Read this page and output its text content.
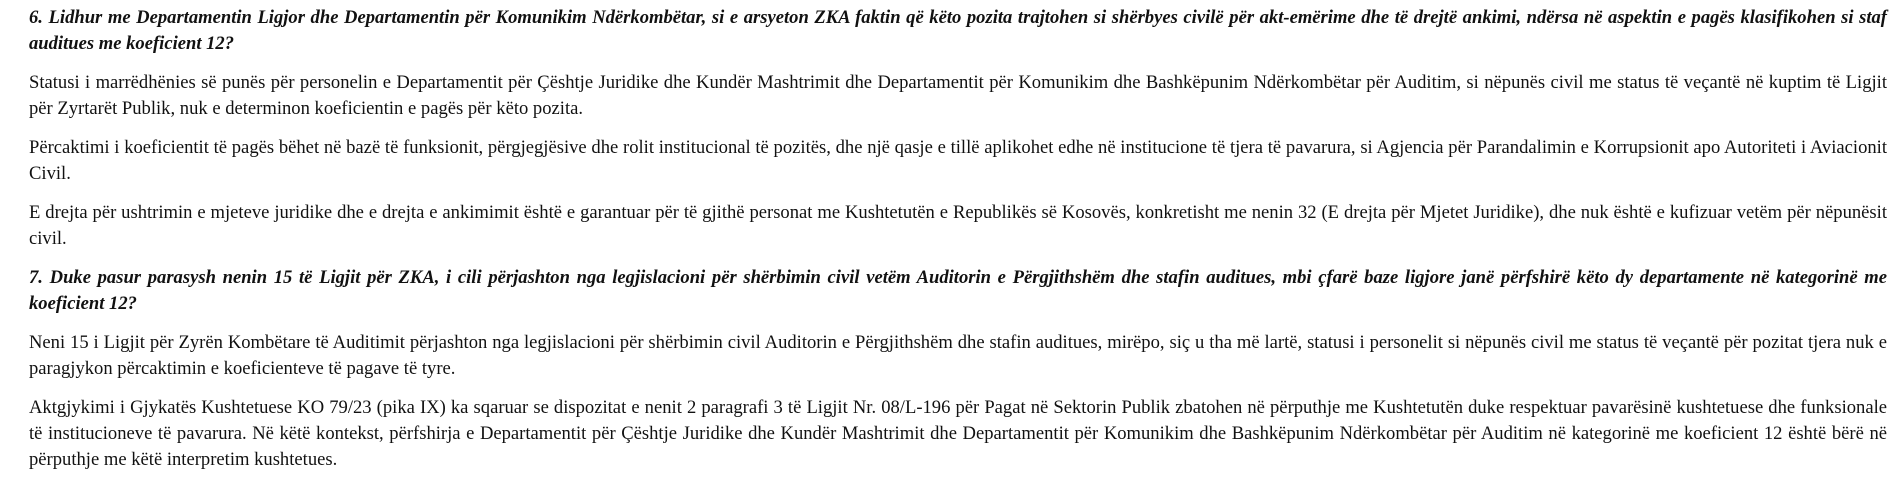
6. Lidhur me Departamentin Ligjor dhe Departamentin për Komunikim Ndërkombëtar, si e arsyeton ZKA faktin që këto pozita trajtohen si shërbyes civilë për akt-emërime dhe të drejtë ankimi, ndërsa në aspektin e pagës klasifikohen si staf auditues me koeficient 12?

Statusi i marrëdhënies së punës për personelin e Departamentit për Çështje Juridike dhe Kundër Mashtrimit dhe Departamentit për Komunikim dhe Bashkëpunim Ndërkombëtar për Auditim, si nëpunës civil me status të veçantë në kuptim të Ligjit për Zyrtarët Publik, nuk e determinon koeficientin e pagës për këto pozita.

Përcaktimi i koeficientit të pagës bëhet në bazë të funksionit, përgjegjësive dhe rolit institucional të pozitës, dhe një qasje e tillë aplikohet edhe në institucione të tjera të pavarura, si Agjencia për Parandalimin e Korrupsionit apo Autoriteti i Aviacionit Civil.

E drejta për ushtrimin e mjeteve juridike dhe e drejta e ankimimit është e garantuar për të gjithë personat me Kushtetutën e Republikës së Kosovës, konkretisht me nenin 32 (E drejta për Mjetet Juridike), dhe nuk është e kufizuar vetëm për nëpunësit civil.

7. Duke pasur parasysh nenin 15 të Ligjit për ZKA, i cili përjashton nga legjislacioni për shërbimin civil vetëm Auditorin e Përgjithshëm dhe stafin auditues, mbi çfarë baze ligjore janë përfshirë këto dy departamente në kategorinë me koeficient 12?

Neni 15 i Ligjit për Zyrën Kombëtare të Auditimit përjashton nga legjislacioni për shërbimin civil Auditorin e Përgjithshëm dhe stafin auditues, mirëpo, siç u tha më lartë, statusi i personelit si nëpunës civil me status të veçantë për pozitat tjera nuk e paragjykon përcaktimin e koeficienteve të pagave të tyre.

Aktgjykimi i Gjykatës Kushtetuese KO 79/23 (pika IX) ka sqaruar se dispozitat e nenit 2 paragrafi 3 të Ligjit Nr. 08/L-196 për Pagat në Sektorin Publik zbatohen në përputhje me Kushtetutën duke respektuar pavarësinë kushtetuese dhe funksionale të institucioneve të pavarura. Në këtë kontekst, përfshirja e Departamentit për Çështje Juridike dhe Kundër Mashtrimit dhe Departamentit për Komunikim dhe Bashkëpunim Ndërkombëtar për Auditim në kategorinë me koeficient 12 është bërë në përputhje me këtë interpretim kushtetues.
